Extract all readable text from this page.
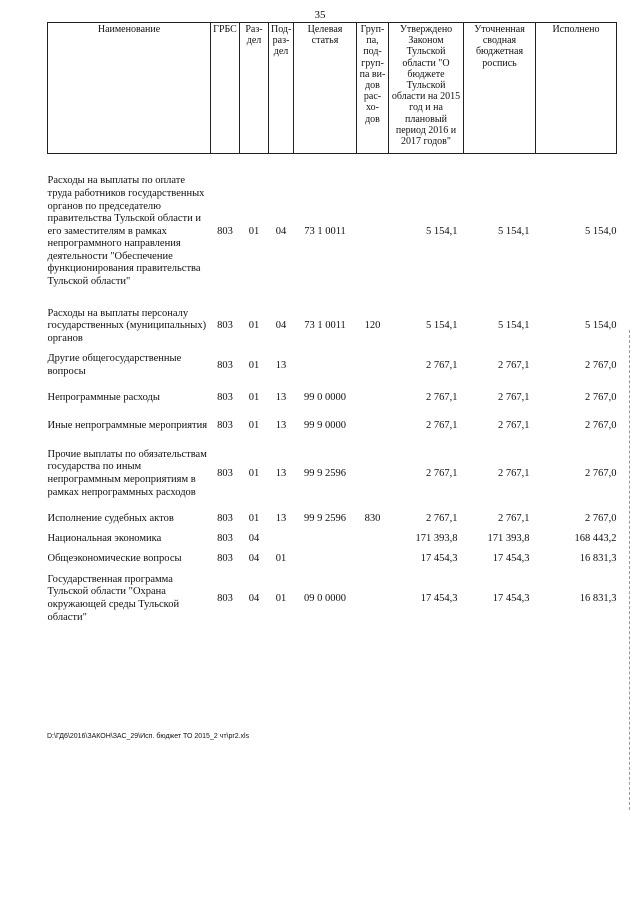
35
Наименование	ГРБС	Раз- дел	Под- раз- дел	Целевая статья	Груп- па, под- груп- па ви- дов рас- хо- дов	Утверждено Законом Тульской области "О бюджете Тульской области на 2015 год и на плановый период 2016 и 2017 годов"	Уточненная сводная бюджетная роспись	Исполнено

Расходы на выплаты по оплате труда работников государственных органов по председателю правительства Тульской области и его заместителям в рамках непрограммного направления деятельности "Обеспечение функционирования правительства Тульской области"	803	01	04	73 1 0011		5 154,1	5 154,1	5 154,0
Расходы на выплаты персоналу государственных (муниципальных) органов	803	01	04	73 1 0011	120	5 154,1	5 154,1	5 154,0
Другие общегосударственные вопросы	803	01	13			2 767,1	2 767,1	2 767,0
Непрограммные расходы	803	01	13	99 0 0000		2 767,1	2 767,1	2 767,0
Иные непрограммные мероприятия	803	01	13	99 9 0000		2 767,1	2 767,1	2 767,0
Прочие выплаты по обязательствам государства по иным непрограммным мероприятиям в рамках непрограммных расходов	803	01	13	99 9 2596		2 767,1	2 767,1	2 767,0
Исполнение судебных актов	803	01	13	99 9 2596	830	2 767,1	2 767,1	2 767,0
Национальная экономика	803	04				171 393,8	171 393,8	168 443,2
Общеэкономические вопросы	803	04	01			17 454,3	17 454,3	16 831,3
Государственная программа Тульской области "Охрана окружающей среды Тульской области"	803	04	01	09 0 0000		17 454,3	17 454,3	16 831,3
D:\ГД6\2016\ЗАКОН\ЗАС_29\Исп. бюджет ТО 2015_2 чт\pr2.xls
